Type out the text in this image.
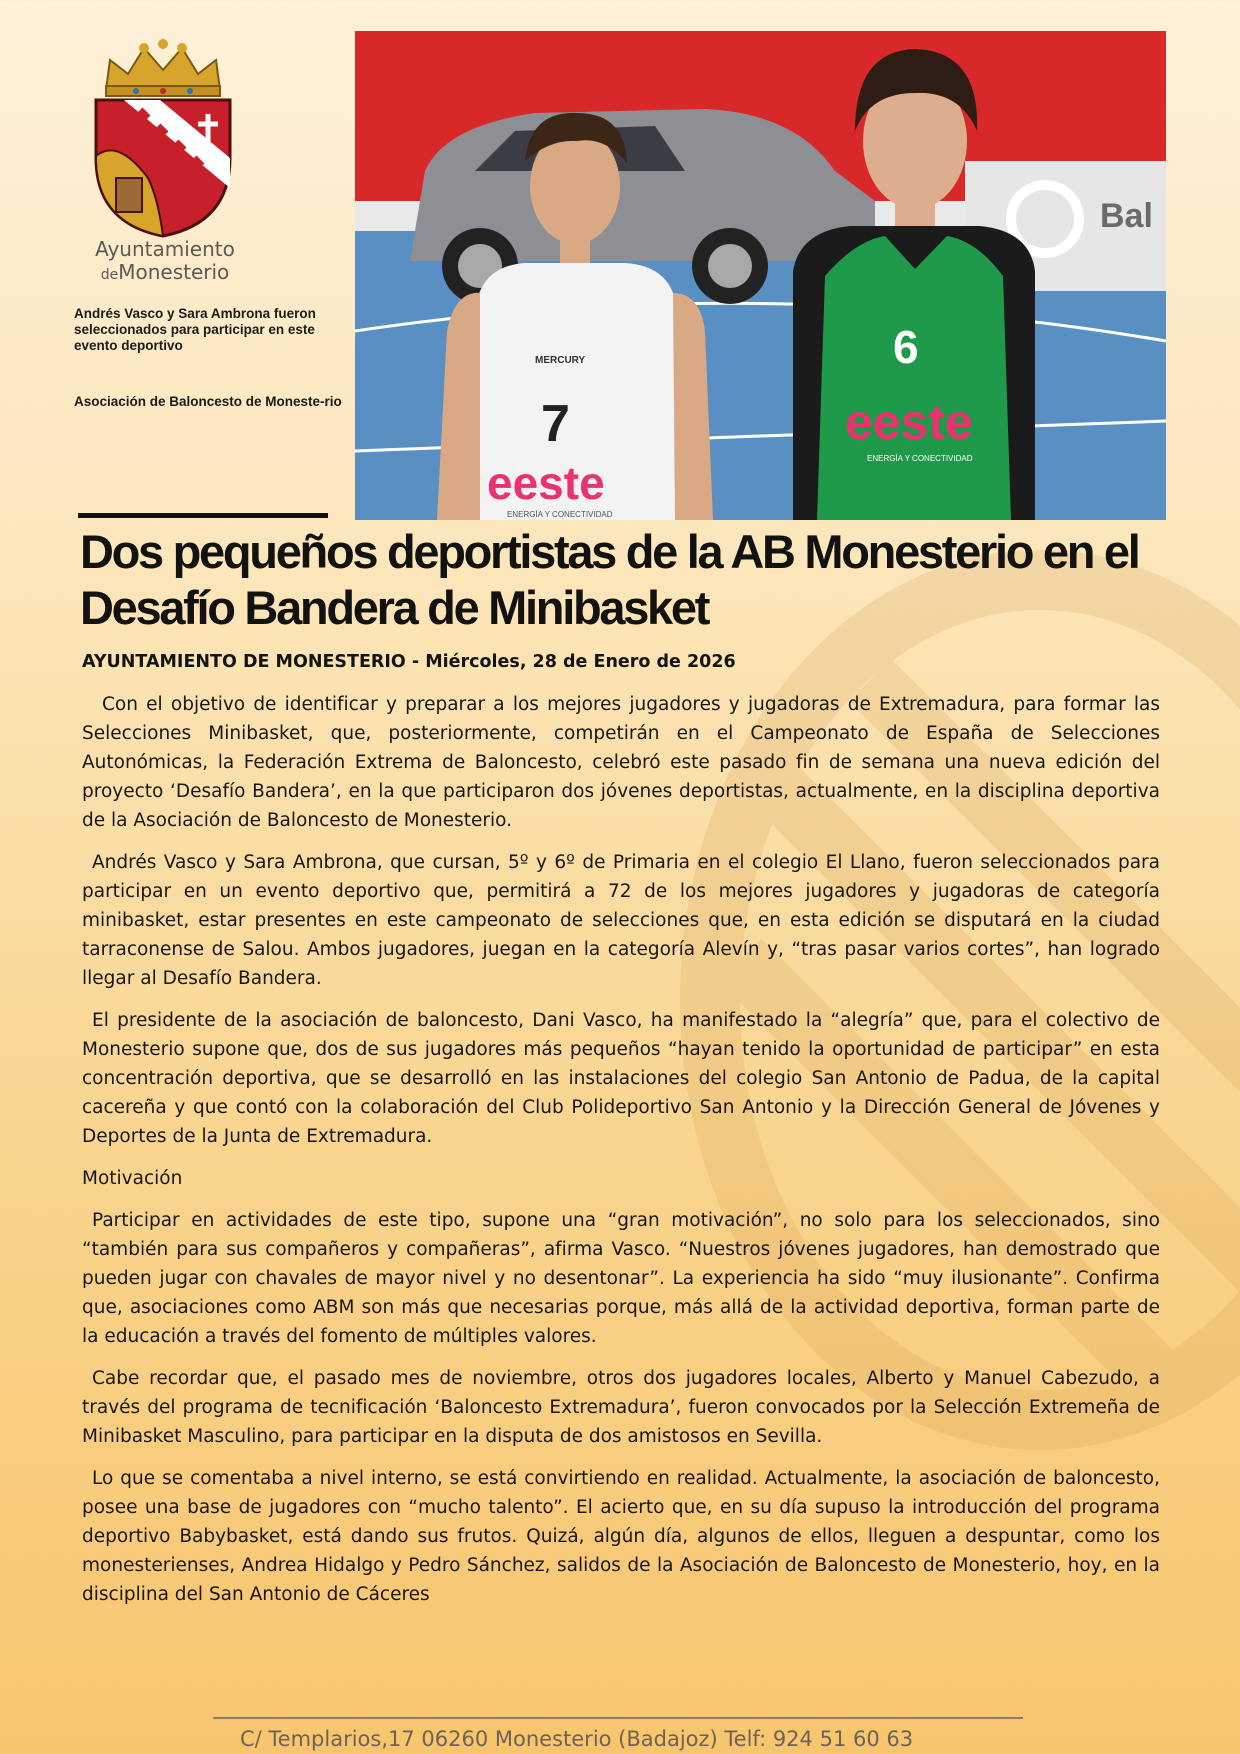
Ayuntamiento
deMonesterio
Andrés Vasco y Sara Ambrona fueron seleccionados para participar en este evento deportivo
Asociación de Baloncesto de Moneste-rio
Bal
MERCURY
7
eeste
ENERGÍA Y CONECTIVIDAD
6
eeste
ENERGÍA Y CONECTIVIDAD
Dos pequeños deportistas de la AB Monesterio en el Desafío Bandera de Minibasket

AYUNTAMIENTO DE MONESTERIO - Miércoles, 28 de Enero de 2026

Con el objetivo de identificar y preparar a los mejores jugadores y jugadoras de Extremadura, para formar las Selecciones Minibasket, que, posteriormente, competirán en el Campeonato de España de Selecciones Autonómicas, la Federación Extrema de Baloncesto, celebró este pasado fin de semana una nueva edición del proyecto ‘Desafío Bandera’, en la que participaron dos jóvenes deportistas, actualmente, en la disciplina deportiva de la Asociación de Baloncesto de Monesterio.

Andrés Vasco y Sara Ambrona, que cursan, 5º y 6º de Primaria en el colegio El Llano, fueron seleccionados para participar en un evento deportivo que, permitirá a 72 de los mejores jugadores y jugadoras de categoría minibasket, estar presentes en este campeonato de selecciones que, en esta edición se disputará en la ciudad tarraconense de Salou. Ambos jugadores, juegan en la categoría Alevín y, “tras pasar varios cortes”, han logrado llegar al Desafío Bandera.

El presidente de la asociación de baloncesto, Dani Vasco, ha manifestado la “alegría” que, para el colectivo de Monesterio supone que, dos de sus jugadores más pequeños “hayan tenido la oportunidad de participar” en esta concentración deportiva, que se desarrolló en las instalaciones del colegio San Antonio de Padua, de la capital cacereña y que contó con la colaboración del Club Polideportivo San Antonio y la Dirección General de Jóvenes y Deportes de la Junta de Extremadura.

Motivación

Participar en actividades de este tipo, supone una “gran motivación”, no solo para los seleccionados, sino “también para sus compañeros y compañeras”, afirma Vasco. “Nuestros jóvenes jugadores, han demostrado que pueden jugar con chavales de mayor nivel y no desentonar”. La experiencia ha sido “muy ilusionante”. Confirma que, asociaciones como ABM son más que necesarias porque, más allá de la actividad deportiva, forman parte de la educación a través del fomento de múltiples valores.

Cabe recordar que, el pasado mes de noviembre, otros dos jugadores locales, Alberto y Manuel Cabezudo, a través del programa de tecnificación ‘Baloncesto Extremadura’, fueron convocados por la Selección Extremeña de Minibasket Masculino, para participar en la disputa de dos amistosos en Sevilla.

Lo que se comentaba a nivel interno, se está convirtiendo en realidad. Actualmente, la asociación de baloncesto, posee una base de jugadores con “mucho talento”. El acierto que, en su día supuso la introducción del programa deportivo Babybasket, está dando sus frutos. Quizá, algún día, algunos de ellos, lleguen a despuntar, como los monesterienses, Andrea Hidalgo y Pedro Sánchez, salidos de la Asociación de Baloncesto de Monesterio, hoy, en la disciplina del San Antonio de Cáceres

C/ Templarios,17 06260 Monesterio (Badajoz) Telf: 924 51 60 63
